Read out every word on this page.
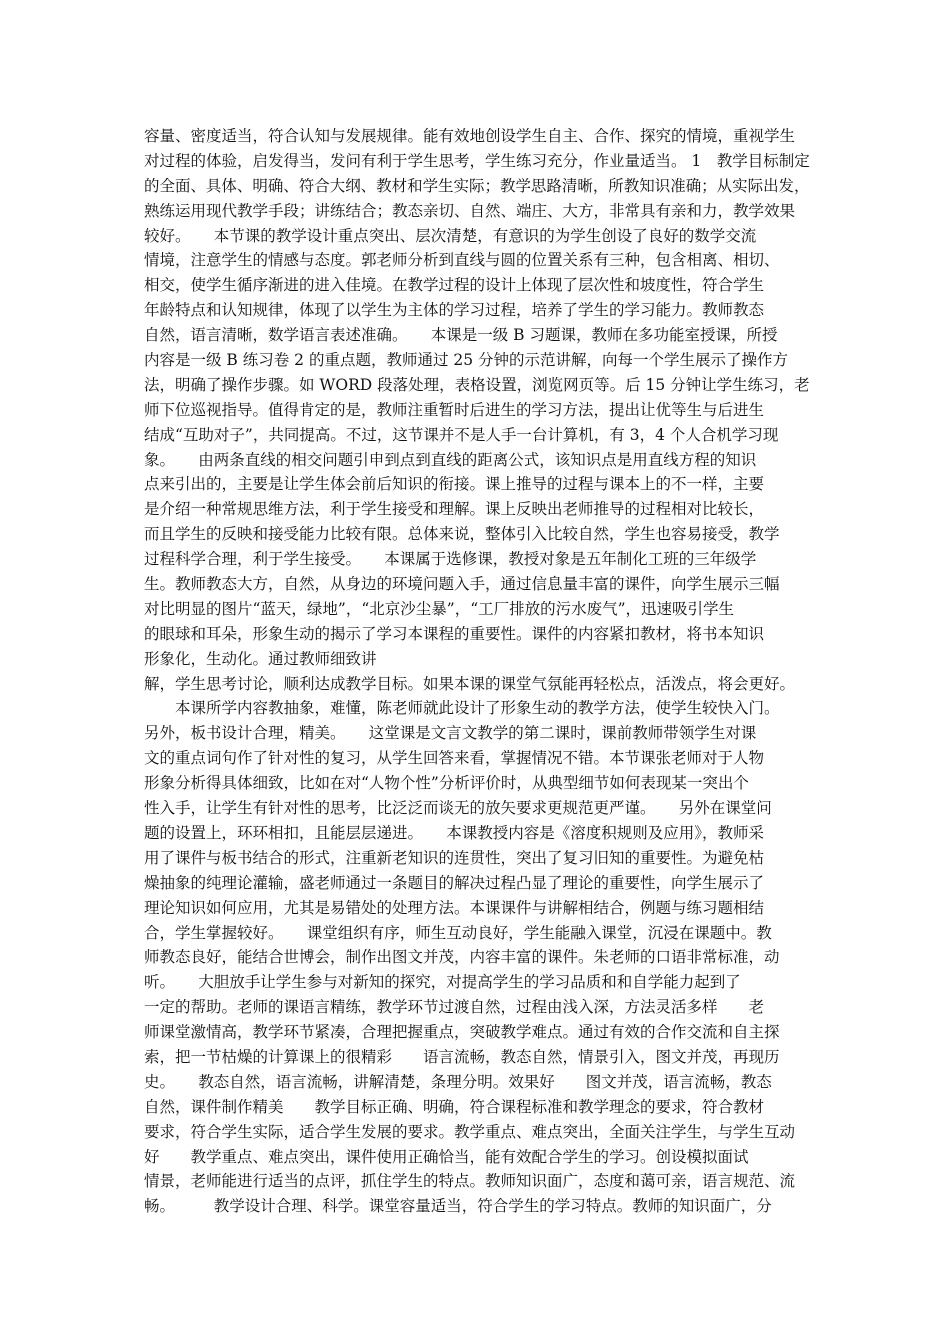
容量、密度适当，符合认知与发展规律。能有效地创设学生自主、合作、探究的情境，重视学生
对过程的体验，启发得当，发问有利于学生思考，学生练习充分，作业量适当。 1　教学目标制定
的全面、具体、明确、符合大纲、教材和学生实际；教学思路清晰，所教知识准确；从实际出发，
熟练运用现代教学手段；讲练结合；教态亲切、自然、端庄、大方，非常具有亲和力，教学效果
较好。　　本节课的教学设计重点突出、层次清楚，有意识的为学生创设了良好的数学交流
情境，注意学生的情感与态度。郭老师分析到直线与圆的位置关系有三种，包含相离、相切、
相交，使学生循序渐进的进入佳境。在教学过程的设计上体现了层次性和坡度性，符合学生
年龄特点和认知规律，体现了以学生为主体的学习过程，培养了学生的学习能力。教师教态
自然，语言清晰，数学语言表述准确。　　本课是一级 B 习题课，教师在多功能室授课，所授
内容是一级 B 练习卷 2 的重点题，教师通过 25 分钟的示范讲解，向每一个学生展示了操作方
法，明确了操作步骤。如 WORD 段落处理，表格设置，浏览网页等。后 15 分钟让学生练习，老
师下位巡视指导。值得肯定的是，教师注重暂时后进生的学习方法，提出让优等生与后进生
结成“互助对子”，共同提高。不过，这节课并不是人手一台计算机，有 3，4 个人合机学习现
象。　　由两条直线的相交问题引申到点到直线的距离公式，该知识点是用直线方程的知识
点来引出的，主要是让学生体会前后知识的衔接。课上推导的过程与课本上的不一样，主要
是介绍一种常规思维方法，利于学生接受和理解。课上反映出老师推导的过程相对比较长，
而且学生的反映和接受能力比较有限。总体来说，整体引入比较自然，学生也容易接受，教学
过程科学合理，利于学生接受。　　本课属于选修课，教授对象是五年制化工班的三年级学
生。教师教态大方，自然，从身边的环境问题入手，通过信息量丰富的课件，向学生展示三幅
对比明显的图片“蓝天，绿地”，“北京沙尘暴”，“工厂排放的污水废气”，迅速吸引学生
的眼球和耳朵，形象生动的揭示了学习本课程的重要性。课件的内容紧扣教材，将书本知识
形象化，生动化。通过教师细致讲
解，学生思考讨论，顺利达成教学目标。如果本课的课堂气氛能再轻松点，活泼点，将会更好。
　　本课所学内容教抽象，难懂，陈老师就此设计了形象生动的教学方法，使学生较快入门。
另外，板书设计合理，精美。　　这堂课是文言文教学的第二课时，课前教师带领学生对课
文的重点词句作了针对性的复习，从学生回答来看，掌握情况不错。本节课张老师对于人物
形象分析得具体细致，比如在对“人物个性”分析评价时，从典型细节如何表现某一突出个
性入手，让学生有针对性的思考，比泛泛而谈无的放矢要求更规范更严谨。　　另外在课堂问
题的设置上，环环相扣，且能层层递进。　　本课教授内容是《溶度积规则及应用》，教师采
用了课件与板书结合的形式，注重新老知识的连贯性，突出了复习旧知的重要性。为避免枯
燥抽象的纯理论灌输，盛老师通过一条题目的解决过程凸显了理论的重要性，向学生展示了
理论知识如何应用，尤其是易错处的处理方法。本课课件与讲解相结合，例题与练习题相结
合，学生掌握较好。　　课堂组织有序，师生互动良好，学生能融入课堂，沉浸在课题中。教
师教态良好，能结合世博会，制作出图文并茂，内容丰富的课件。朱老师的口语非常标准，动
听。　　大胆放手让学生参与对新知的探究，对提高学生的学习品质和和自学能力起到了
一定的帮助。老师的课语言精练，教学环节过渡自然，过程由浅入深，方法灵活多样　　老
师课堂激情高，教学环节紧凑，合理把握重点，突破教学难点。通过有效的合作交流和自主探
索，把一节枯燥的计算课上的很精彩　　语言流畅，教态自然，情景引入，图文并茂，再现历
史。　　教态自然，语言流畅，讲解清楚，条理分明。效果好　　图文并茂，语言流畅，教态
自然，课件制作精美　　教学目标正确、明确，符合课程标准和教学理念的要求，符合教材
要求，符合学生实际，适合学生发展的要求。教学重点、难点突出，全面关注学生，与学生互动
好　　教学重点、难点突出，课件使用正确恰当，能有效配合学生的学习。创设模拟面试
情景，老师能进行适当的点评，抓住学生的特点。教师知识面广，态度和蔼可亲，语言规范、流
畅。　　　教学设计合理、科学。课堂容量适当，符合学生的学习特点。教师的知识面广，分
